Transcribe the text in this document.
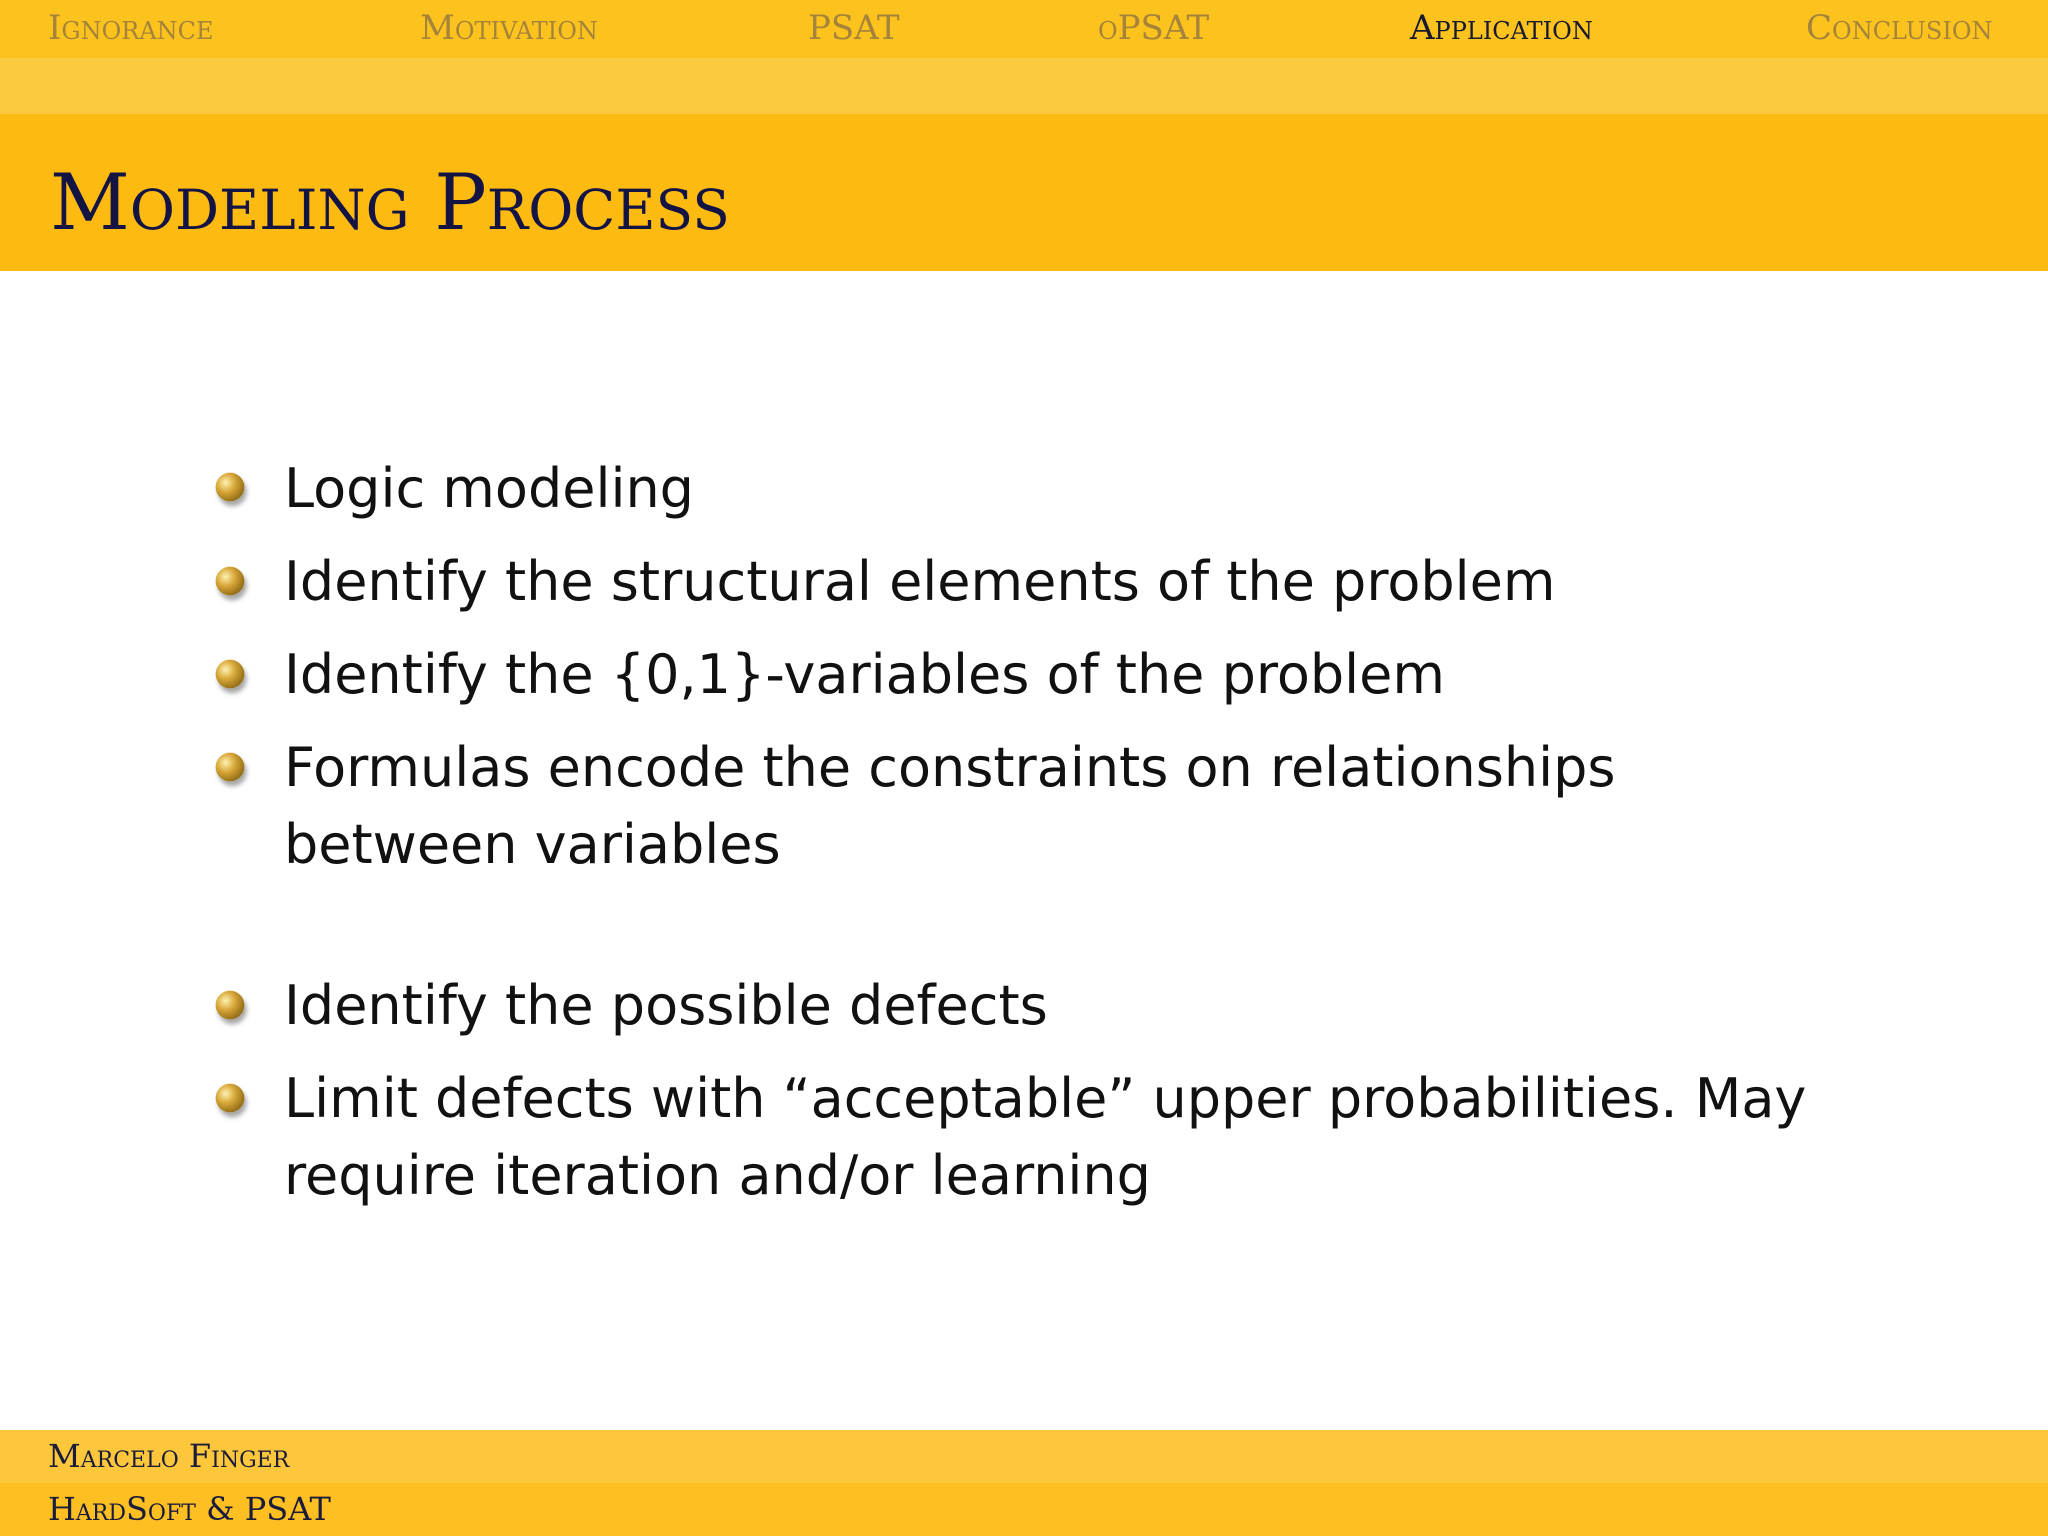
Ignorance	Motivation	PSAT	oPSAT	Application	Conclusion
Modeling Process
Logic modeling
Identify the structural elements of the problem
Identify the {0,1}-variables of the problem
Formulas encode the constraints on relationships between variables
Identify the possible defects
Limit defects with “acceptable” upper probabilities. May require iteration and/or learning
Marcelo Finger
HardSoft & PSAT
